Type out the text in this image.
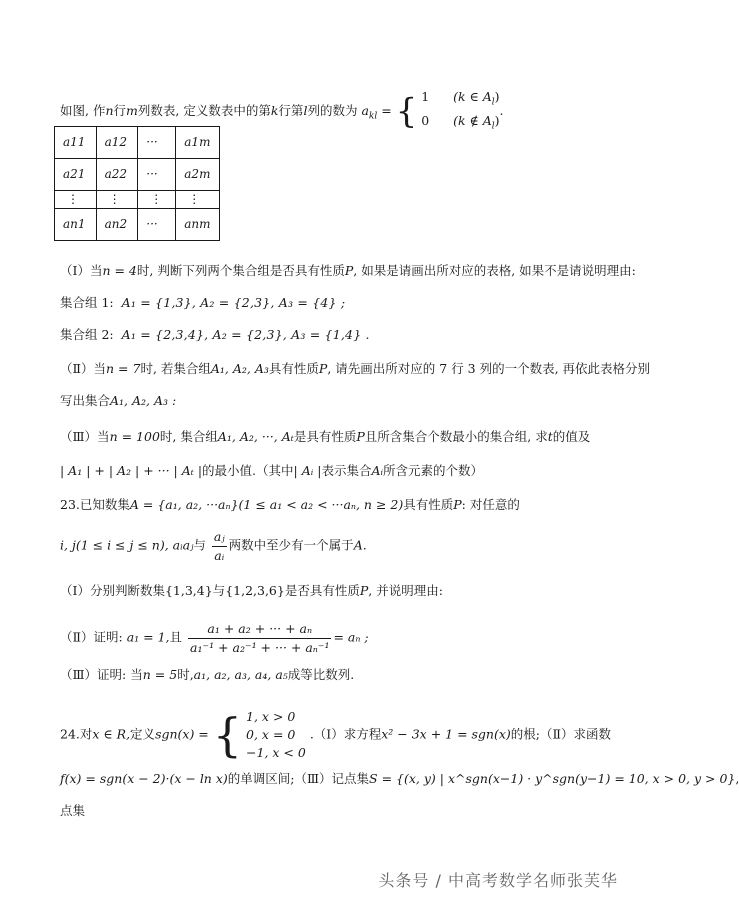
如图, 作n行m列数表, 定义数表中的第k行第l列的数为 $a_{kl}$ = { 1 (k ∈ $A_l$)
0 (k ∉ $A_l$)
.
a11	a12	···	a1m
a21	a22	···	a2m
⋮	⋮	⋮	⋮
an1	an2	···	anm
（Ⅰ）当n = 4时, 判断下列两个集合组是否具有性质P, 如果是请画出所对应的表格, 如果不是请说明理由:
集合组 1: A₁ = {1,3}, A₂ = {2,3}, A₃ = {4} ;
集合组 2: A₁ = {2,3,4}, A₂ = {2,3}, A₃ = {1,4} .
（Ⅱ）当n = 7时, 若集合组A₁, A₂, A₃具有性质P, 请先画出所对应的 7 行 3 列的一个数表, 再依此表格分别
写出集合A₁, A₂, A₃ :
（Ⅲ）当n = 100时, 集合组A₁, A₂, ···, Aₜ是具有性质P且所含集合个数最小的集合组, 求t的值及
| A₁ | + | A₂ | + ··· | Aₜ |的最小值.（其中| Aᵢ |表示集合Aᵢ所含元素的个数）
23.已知数集A = {a₁, a₂, ···aₙ}(1 ≤ a₁ < a₂ < ···aₙ, n ≥ 2)具有性质P: 对任意的
i, j(1 ≤ i ≤ j ≤ n), aᵢaⱼ与 $\frac{\text{aⱼ}}{\text{aᵢ}}$ 两数中至少有一个属于A.
（Ⅰ）分别判断数集{1,3,4}与{1,2,3,6}是否具有性质P, 并说明理由:
（Ⅱ）证明: a₁ = 1,且 $\frac{\text{a₁ + a₂ + ··· + aₙ}}{\text{a₁⁻¹ + a₂⁻¹ + ··· + aₙ⁻¹}} = a_n$ ;
（Ⅲ）证明: 当n = 5时,a₁, a₂, a₃, a₄, a₅成等比数列.
24.对x ∈ R,定义sgn(x) = { 1, x > 0
0, x = 0
−1, x < 0
.（Ⅰ）求方程x² − 3x + 1 = sgn(x)的根;（Ⅱ）求函数
f(x) = sgn(x − 2)·(x − ln x)的单调区间;（Ⅲ）记点集S = {(x, y) | x^sgn(x−1) · y^sgn(y−1) = 10, x > 0, y > 0},
点集
头条号 / 中高考数学名师张芙华
